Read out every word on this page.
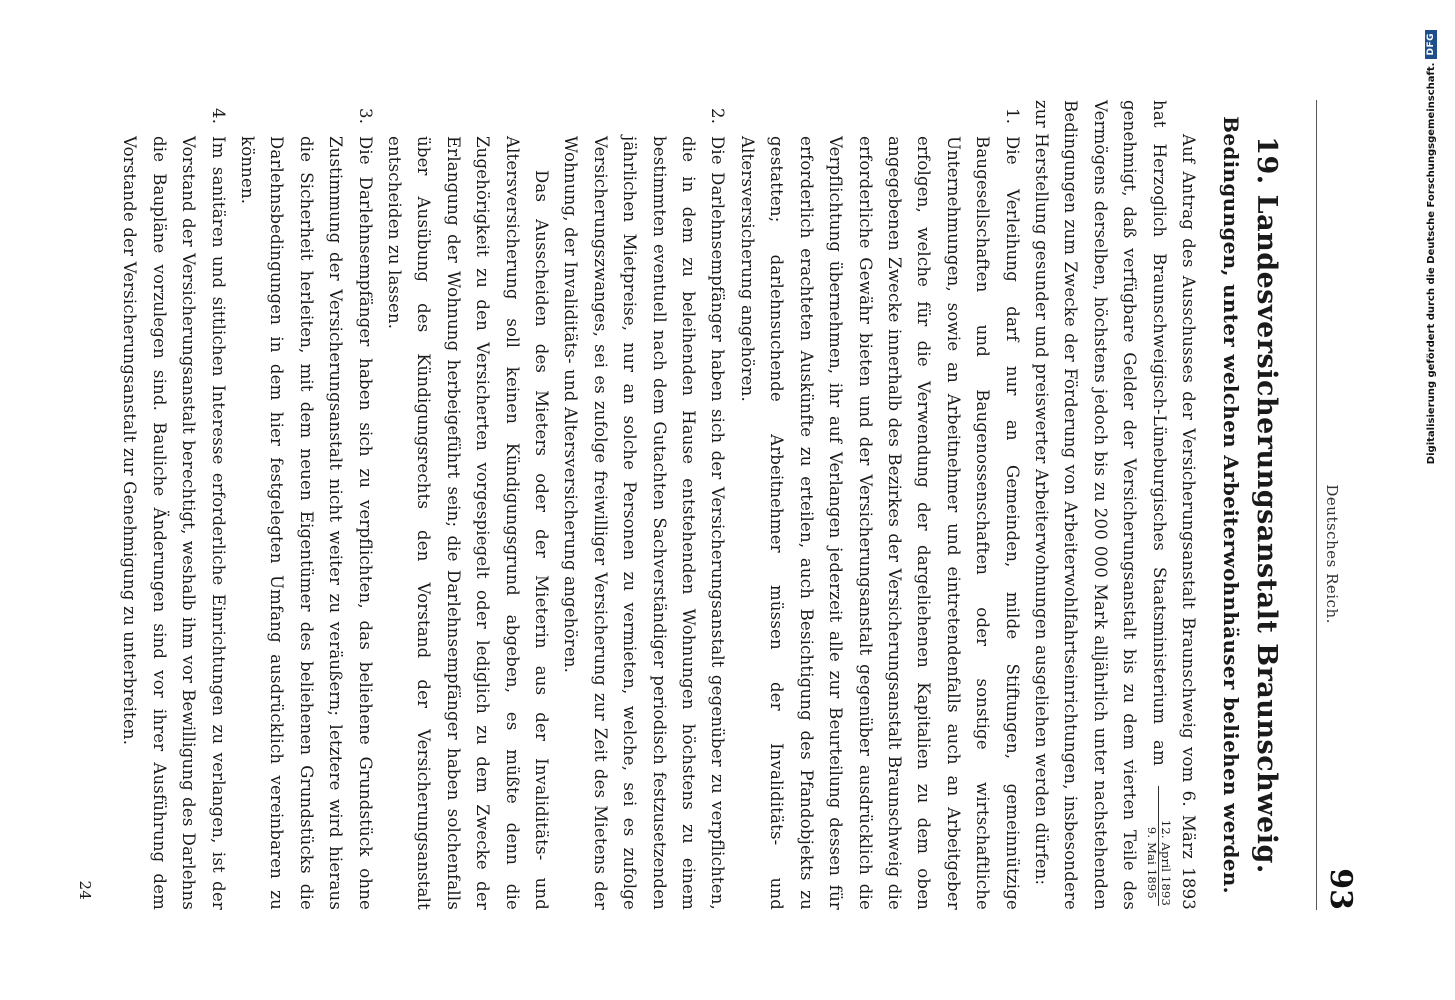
Deutsches Reich.
93
19. Landesversicherungsanstalt Braunschweig.
Bedingungen, unter welchen Arbeiterwohnhäuser beliehen werden.

Auf Antrag des Ausschusses der Versicherungsanstalt Braunschweig vom 6. März 1893 hat Herzoglich Braunschweigisch-Lüneburgisches Staatsministerium am
12. April 1893
9. Mai 1895
genehmigt, daß verfügbare Gelder der Versicherungsanstalt bis zu dem vierten Teile des Vermögens derselben, höchstens jedoch bis zu 200 000 Mark alljährlich unter nachstehenden Bedingungen zum Zwecke der Förderung von Arbeiterwohlfahrtseinrichtungen, insbesondere zur Herstellung gesunder und preiswerter Arbeiterwohnungen ausgeliehen werden dürfen:

1.

Die Verleihung darf nur an Gemeinden, milde Stiftungen, gemeinnützige Baugesellschaften und Baugenossenschaften oder sonstige wirtschaftliche Unternehmungen, sowie an Arbeitnehmer und eintretendenfalls auch an Arbeitgeber erfolgen, welche für die Verwendung der dargeliehenen Kapitalien zu dem oben angegebenen Zwecke innerhalb des Bezirkes der Versicherungsanstalt Braunschweig die erforderliche Gewähr bieten und der Versicherungsanstalt gegenüber ausdrücklich die Verpflichtung übernehmen, ihr auf Verlangen jederzeit alle zur Beurteilung dessen für erforderlich erachteten Auskünfte zu erteilen, auch Besichtigung des Pfandobjekts zu gestatten; darlehnsuchende Arbeitnehmer müssen der Invaliditäts- und Altersversicherung angehören.

2.

Die Darlehnsempfänger haben sich der Versicherungsanstalt gegenüber zu verpflichten, die in dem zu beleihenden Hause entstehenden Wohnungen höchstens zu einem bestimmten eventuell nach dem Gutachten Sachverständiger periodisch festzusetzenden jährlichen Mietpreise, nur an solche Personen zu vermieten, welche, sei es zufolge Versicherungszwanges, sei es zufolge freiwilliger Versicherung zur Zeit des Mietens der Wohnung, der Invaliditäts- und Altersversicherung angehören.

Das Ausscheiden des Mieters oder der Mieterin aus der Invaliditäts- und Altersversicherung soll keinen Kündigungsgrund abgeben, es müßte denn die Zugehörigkeit zu den Versicherten vorgespiegelt oder lediglich zu dem Zwecke der Erlangung der Wohnung herbeigeführt sein; die Darlehnsempfänger haben solchenfalls über Ausübung des Kündigungsrechts den Vorstand der Versicherungsanstalt entscheiden zu lassen.

3.

Die Darlehnsempfänger haben sich zu verpflichten, das beliehene Grundstück ohne Zustimmung der Versicherungsanstalt nicht weiter zu veräußern; letztere wird hieraus die Sicherheit herleiten, mit dem neuen Eigentümer des beliehenen Grundstücks die Darlehnsbedingungen in dem hier festgelegten Umfang ausdrücklich vereinbaren zu können.

4.

Im sanitären und sittlichen Interesse erforderliche Einrichtungen zu verlangen, ist der Vorstand der Versicherungsanstalt berechtigt, weshalb ihm vor Bewilligung des Darlehns die Baupläne vorzulegen sind. Bauliche Änderungen sind vor ihrer Ausführung dem Vorstande der Versicherungsanstalt zur Genehmigung zu unterbreiten.

24
Digitalisierung gefördert durch die Deutsche Forschungsgemeinschaft.
DFG
